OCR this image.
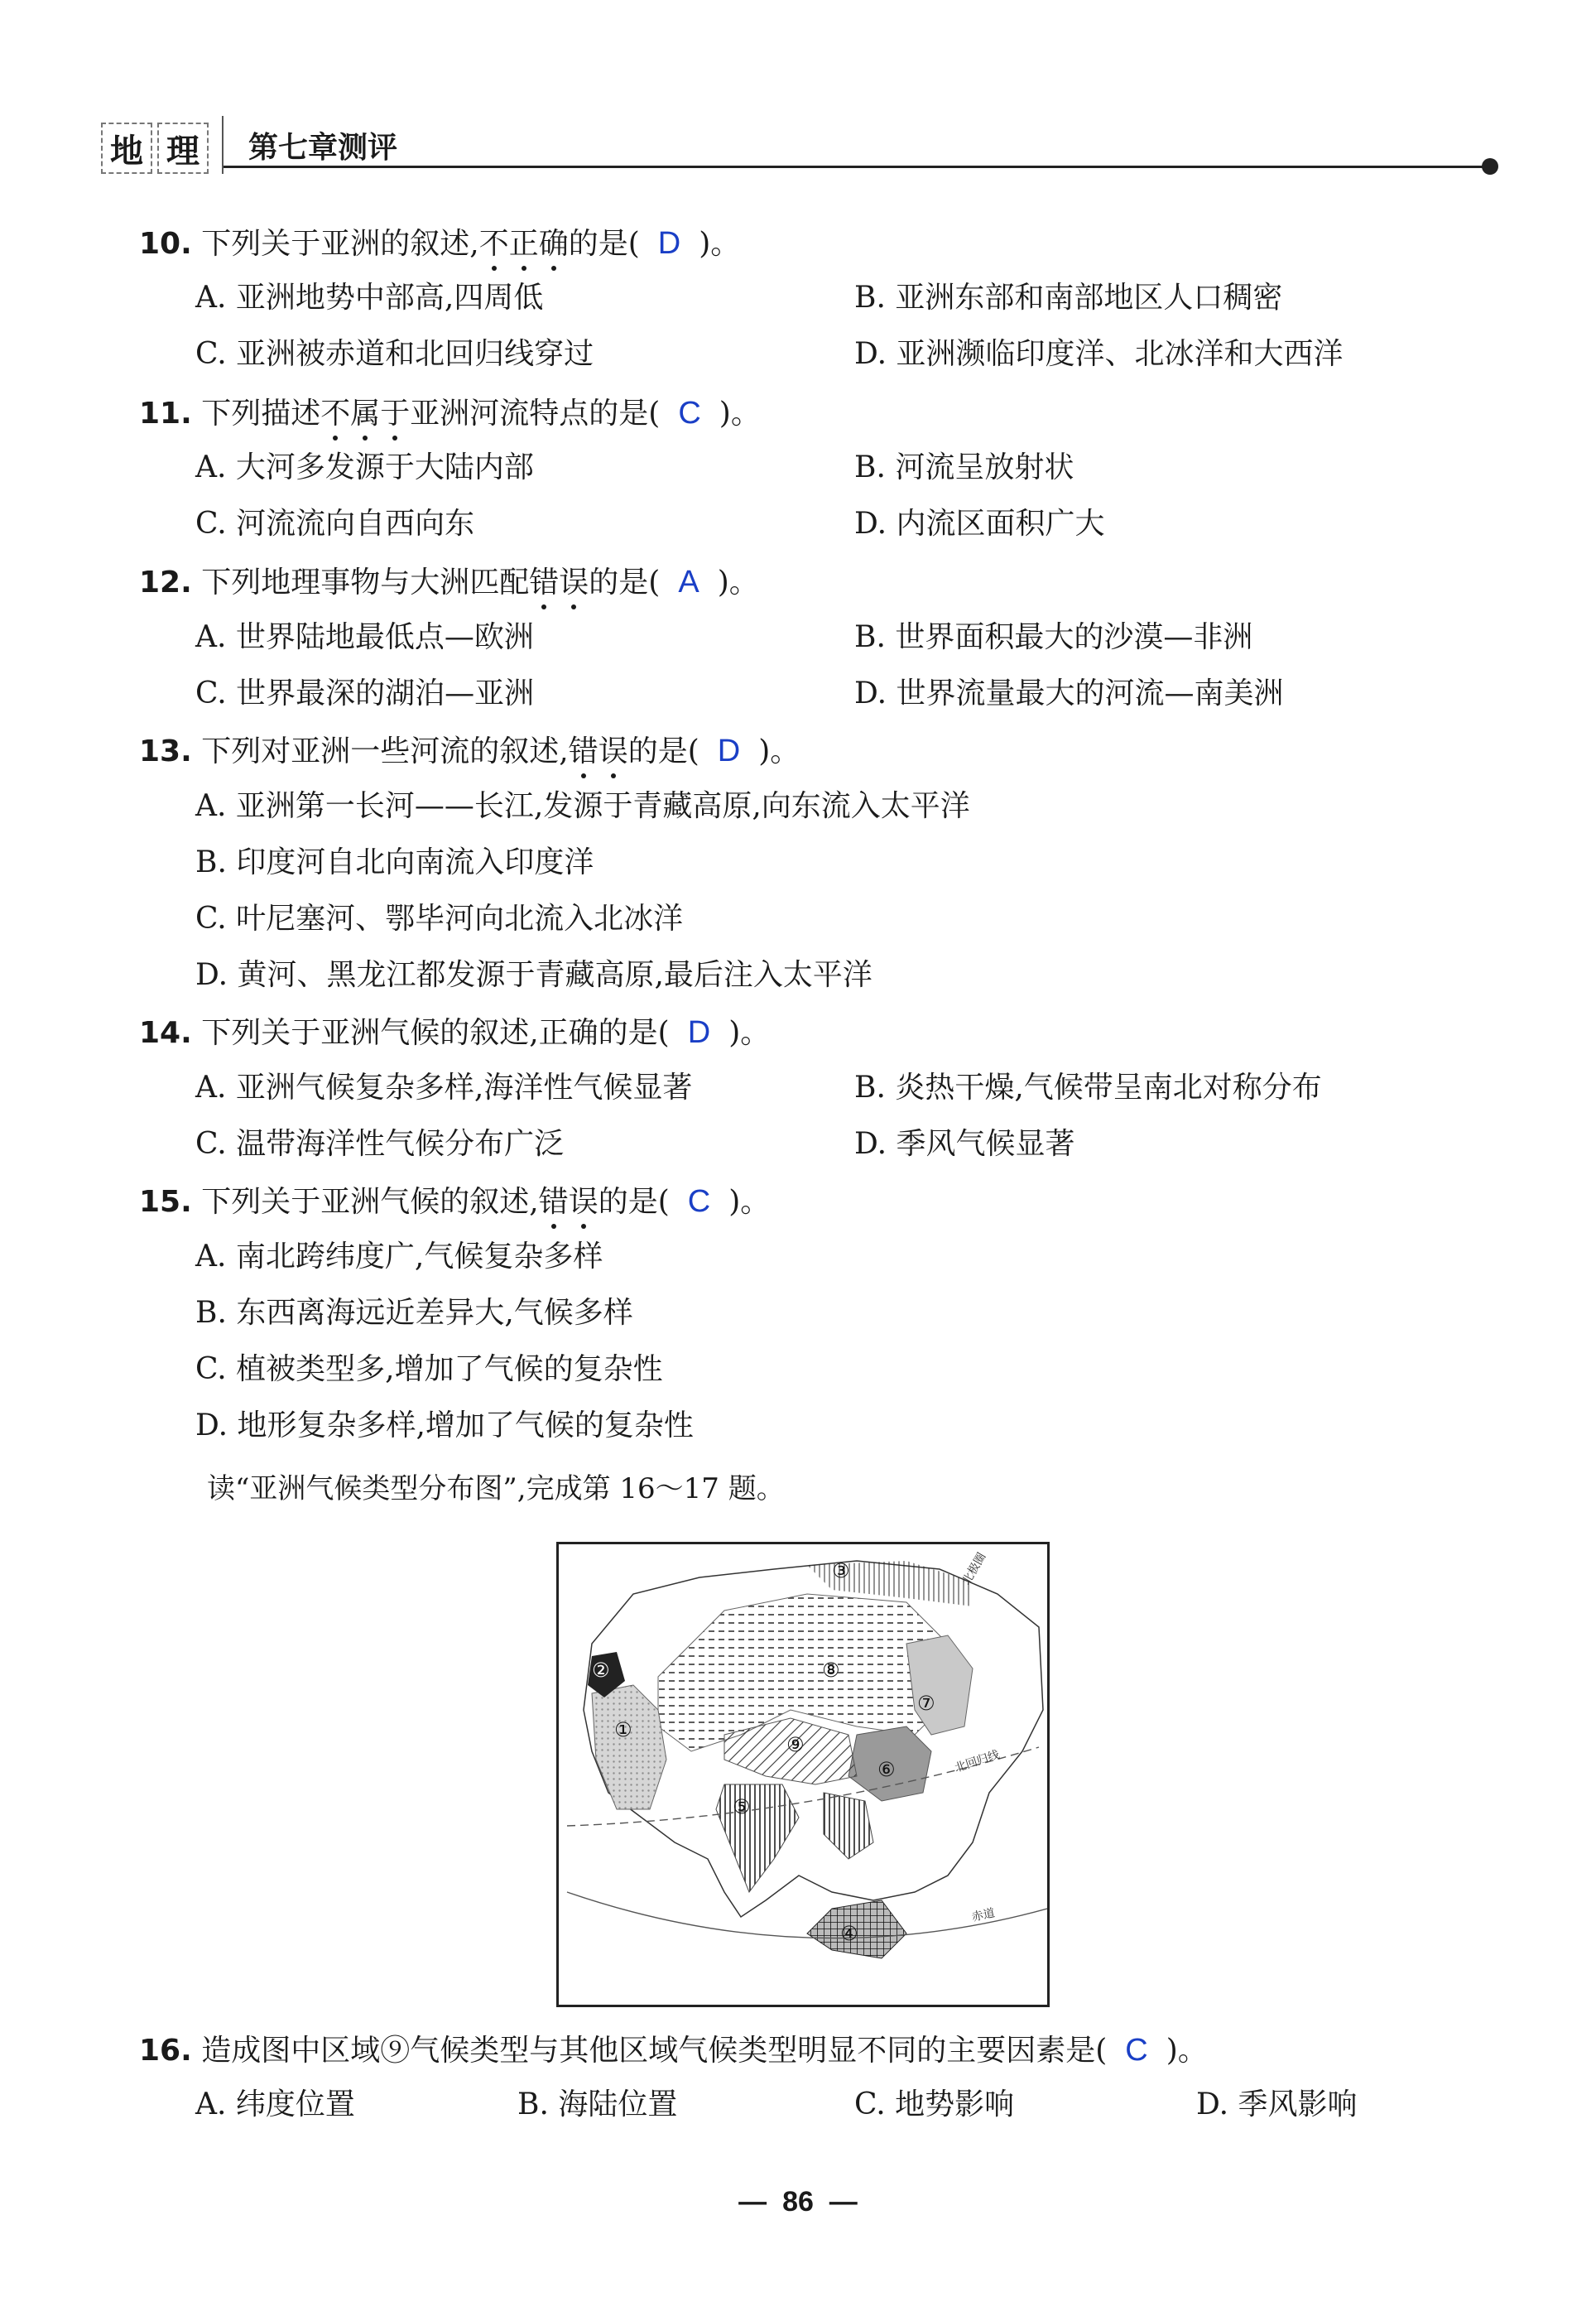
地 理	第七章测评
10. 下列关于亚洲的叙述,不正确的是( D )。
A. 亚洲地势中部高,四周低	B. 亚洲东部和南部地区人口稠密
C. 亚洲被赤道和北回归线穿过	D. 亚洲濒临印度洋、北冰洋和大西洋
11. 下列描述不属于亚洲河流特点的是( C )。
A. 大河多发源于大陆内部	B. 河流呈放射状
C. 河流流向自西向东	D. 内流区面积广大
12. 下列地理事物与大洲匹配错误的是( A )。
A. 世界陆地最低点—欧洲	B. 世界面积最大的沙漠—非洲
C. 世界最深的湖泊—亚洲	D. 世界流量最大的河流—南美洲
13. 下列对亚洲一些河流的叙述,错误的是( D )。
A. 亚洲第一长河——长江,发源于青藏高原,向东流入太平洋
B. 印度河自北向南流入印度洋
C. 叶尼塞河、鄂毕河向北流入北冰洋
D. 黄河、黑龙江都发源于青藏高原,最后注入太平洋
14. 下列关于亚洲气候的叙述,正确的是( D )。
A. 亚洲气候复杂多样,海洋性气候显著	B. 炎热干燥,气候带呈南北对称分布
C. 温带海洋性气候分布广泛	D. 季风气候显著
15. 下列关于亚洲气候的叙述,错误的是( C )。
A. 南北跨纬度广,气候复杂多样
B. 东西离海远近差异大,气候多样
C. 植被类型多,增加了气候的复杂性
D. 地形复杂多样,增加了气候的复杂性
读“亚洲气候类型分布图”,完成第 16～17 题。
①
②
③
④
⑤
⑥
⑦
⑧
⑨
北回归线
赤道
北极圈
16. 造成图中区域⑨气候类型与其他区域气候类型明显不同的主要因素是( C )。
A. 纬度位置	B. 海陆位置	C. 地势影响	D. 季风影响
—  86  —
